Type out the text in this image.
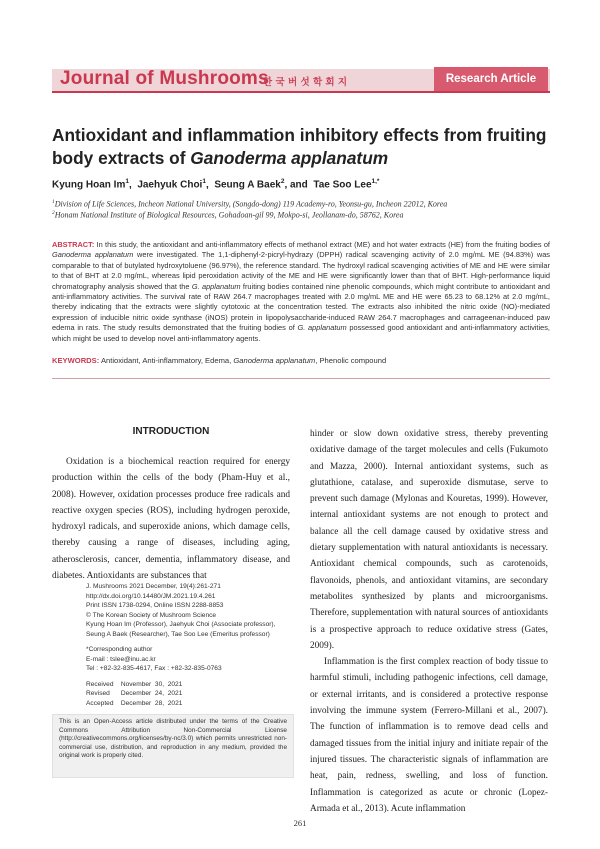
Journal of Mushrooms
한 국 버 섯 학 회 지	Research Article
Antioxidant and inflammation inhibitory effects from fruiting body extracts of Ganoderma applanatum
Kyung Hoan Im$^1$,  Jaehyuk Choi$^1$,  Seung A Baek$^2$, and  Tae Soo Lee$^{1,*}$
$^1$Division of Life Sciences, Incheon National University, (Songdo-dong) 119 Academy-ro, Yeonsu-gu, Incheon 22012, Korea
$^2$Honam National Institute of Biological Resources, Gohadoan-gil 99, Mokpo-si, Jeollanam-do, 58762, Korea
ABSTRACT: In this study, the antioxidant and anti-inflammatory effects of methanol extract (ME) and hot water extracts (HE) from the fruiting bodies of Ganoderma applanatum were investigated. The 1,1-diphenyl-2-picryl-hydrazy (DPPH) radical scavenging activity of 2.0 mg/mL ME (94.83%) was comparable to that of butylated hydroxytoluene (96.97%), the reference standard. The hydroxyl radical scavenging activities of ME and HE were similar to that of BHT at 2.0 mg/mL, whereas lipid peroxidation activity of the ME and HE were significantly lower than that of BHT. High-performance liquid chromatography analysis showed that the G. applanatum fruiting bodies contained nine phenolic compounds, which might contribute to antioxidant and anti-inflammatory activities. The survival rate of RAW 264.7 macrophages treated with 2.0 mg/mL ME and HE were 65.23 to 68.12% at 2.0 mg/mL, thereby indicating that the extracts were slightly cytotoxic at the concentration tested. The extracts also inhibited the nitric oxide (NO)-mediated expression of inducible nitric oxide synthase (iNOS) protein in lipopolysaccharide-induced RAW 264.7 macrophages and carrageenan-induced paw edema in rats. The study results demonstrated that the fruiting bodies of G. applanatum possessed good antioxidant and anti-inflammatory activities, which might be used to develop novel anti-inflammatory agents.
KEYWORDS: Antioxidant, Anti-inflammatory, Edema, Ganoderma applanatum, Phenolic compound
INTRODUCTION

Oxidation is a biochemical reaction required for energy production within the cells of the body (Pham-Huy et al., 2008). However, oxidation processes produce free radicals and reactive oxygen species (ROS), including hydrogen peroxide, hydroxyl radicals, and superoxide anions, which damage cells, thereby causing a range of diseases, including aging, atherosclerosis, cancer, dementia, inflammatory disease, and diabetes. Antioxidants are substances that

J. Mushrooms 2021 December, 19(4):261-271
http://dx.doi.org/10.14480/JM.2021.19.4.261
Print ISSN 1738-0294, Online ISSN 2288-8853
© The Korean Society of Mushroom Science
Kyung Hoan Im (Professor), Jaehyuk Choi (Associate professor),
Seung A Baek (Researcher), Tae Soo Lee (Emeritus professor)
*Corresponding author
E-mail : tslee@inu.ac.kr
Tel : +82-32-835-4617, Fax : +82-32-835-0763
Received    November  30,  2021
Revised      December  24,  2021
Accepted    December  28,  2021
This is an Open-Access article distributed under the terms of the Creative Commons Attribution Non-Commercial License (http://creativecommons.org/licenses/by-nc/3.0) which permits unrestricted non-commercial use, distribution, and reproduction in any medium, provided the original work is properly cited.

hinder or slow down oxidative stress, thereby preventing oxidative damage of the target molecules and cells (Fukumoto and Mazza, 2000). Internal antioxidant systems, such as glutathione, catalase, and superoxide dismutase, serve to prevent such damage (Mylonas and Kouretas, 1999). However, internal antioxidant systems are not enough to protect and balance all the cell damage caused by oxidative stress and dietary supplementation with natural antioxidants is necessary. Antioxidant chemical compounds, such as carotenoids, flavonoids, phenols, and antioxidant vitamins, are secondary metabolites synthesized by plants and microorganisms. Therefore, supplementation with natural sources of antioxidants is a prospective approach to reduce oxidative stress (Gates, 2009).

Inflammation is the first complex reaction of body tissue to harmful stimuli, including pathogenic infections, cell damage, or external irritants, and is considered a protective response involving the immune system (Ferrero-Millani et al., 2007). The function of inflammation is to remove dead cells and damaged tissues from the initial injury and initiate repair of the injured tissues. The characteristic signals of inflammation are heat, pain, redness, swelling, and loss of function. Inflammation is categorized as acute or chronic (Lopez-Armada et al., 2013). Acute inflammation

261
